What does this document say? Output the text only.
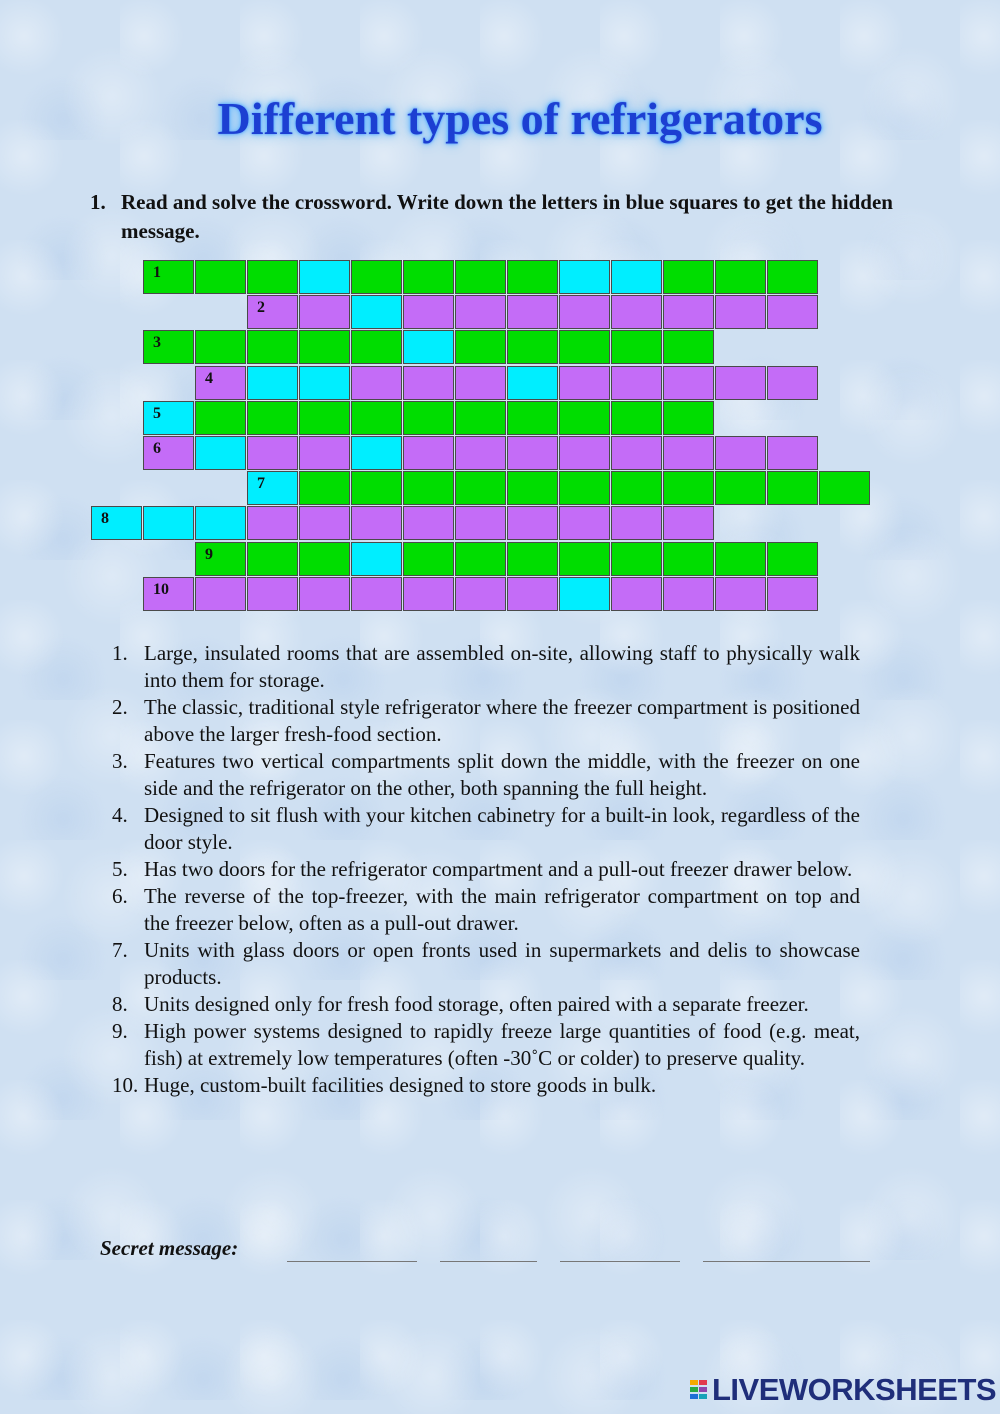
Different types of refrigerators
1. Read and solve the crossword. Write down the letters in blue squares to get the hidden message.
1
2
3
4
5
6
7
8
9
10
1. Large, insulated rooms that are assembled on-site, allowing staff to physically walk into them for storage.
2. The classic, traditional style refrigerator where the freezer compartment is positioned above the larger fresh-food section.
3. Features two vertical compartments split down the middle, with the freezer on one side and the refrigerator on the other, both spanning the full height.
4. Designed to sit flush with your kitchen cabinetry for a built-in look, regardless of the door style.
5. Has two doors for the refrigerator compartment and a pull-out freezer drawer below.
6. The reverse of the top-freezer, with the main refrigerator compartment on top and the freezer below, often as a pull-out drawer.
7. Units with glass doors or open fronts used in supermarkets and delis to showcase products.
8. Units designed only for fresh food storage, often paired with a separate freezer.
9. High power systems designed to rapidly freeze large quantities of food (e.g. meat, fish) at extremely low temperatures (often -30˚C or colder) to preserve quality.
10. Huge, custom-built facilities designed to store goods in bulk.
Secret message:
LIVEWORKSHEETS
